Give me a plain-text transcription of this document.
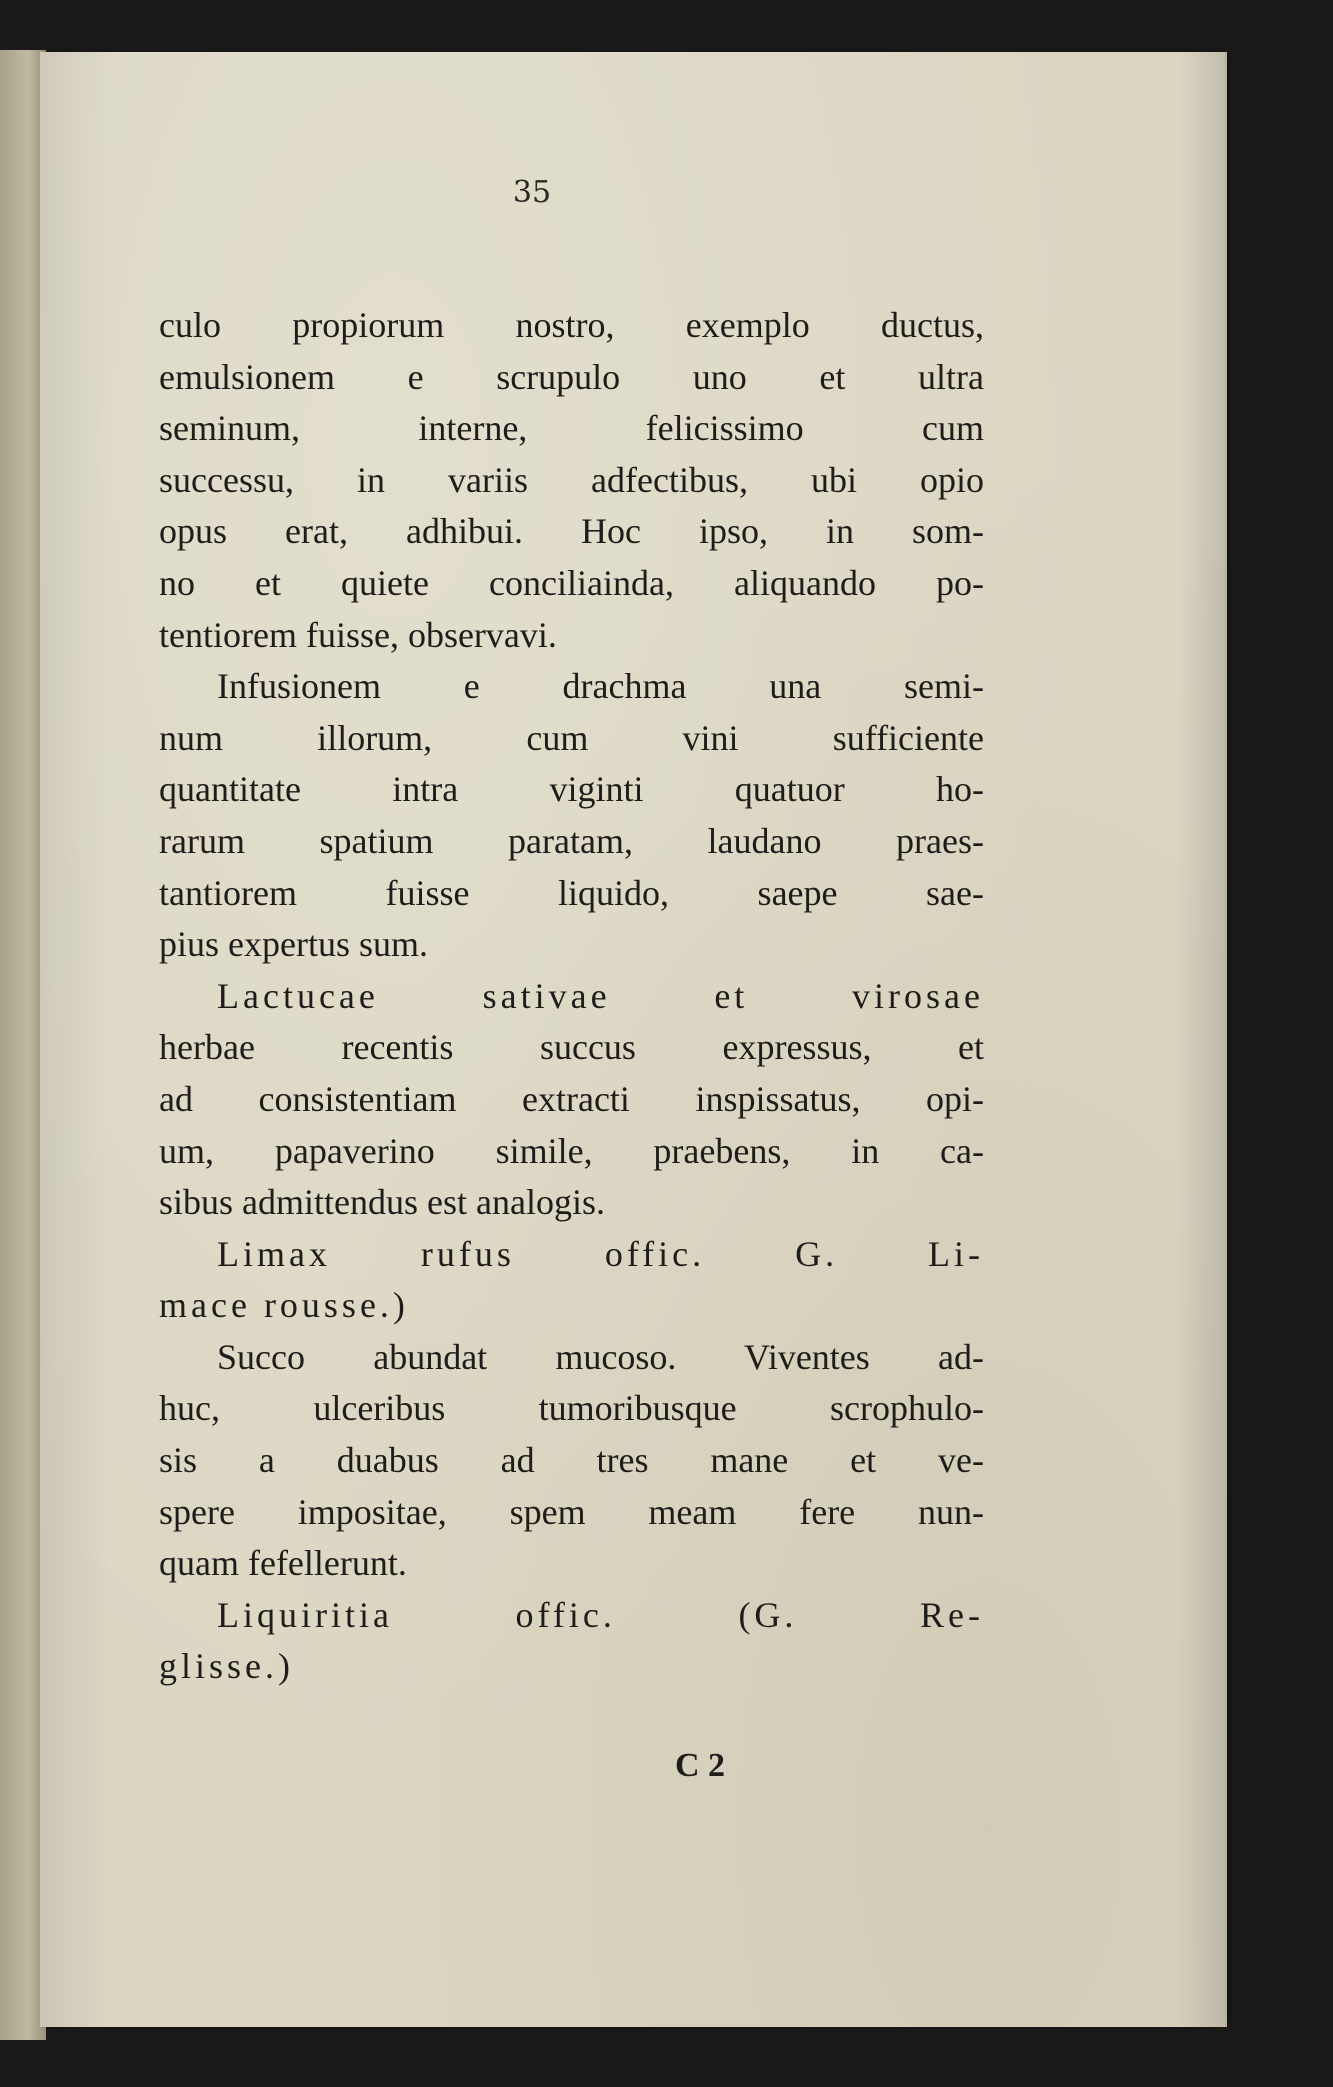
35
culo propiorum nostro, exemplo ductus,
emulsionem e scrupulo uno et ultra
seminum, interne, felicissimo cum
successu, in variis adfectibus, ubi opio
opus erat, adhibui. Hoc ipso, in som-
no et quiete conciliainda, aliquando po-
tentiorem fuisse, observavi.
Infusionem e drachma una semi-
num illorum, cum vini sufficiente
quantitate intra viginti quatuor ho-
rarum spatium paratam, laudano praes-
tantiorem fuisse liquido, saepe sae-
pius expertus sum.
Lactucae sativae et virosae
herbae recentis succus expressus, et
ad consistentiam extracti inspissatus, opi-
um, papaverino simile, praebens, in ca-
sibus admittendus est analogis.
Limax rufus offic. G. Li-
mace rousse.)
Succo abundat mucoso. Viventes ad-
huc, ulceribus tumoribusque scrophulo-
sis a duabus ad tres mane et ve-
spere impositae, spem meam fere nun-
quam fefellerunt.
Liquiritia offic. (G. Re-
glisse.)
C 2
